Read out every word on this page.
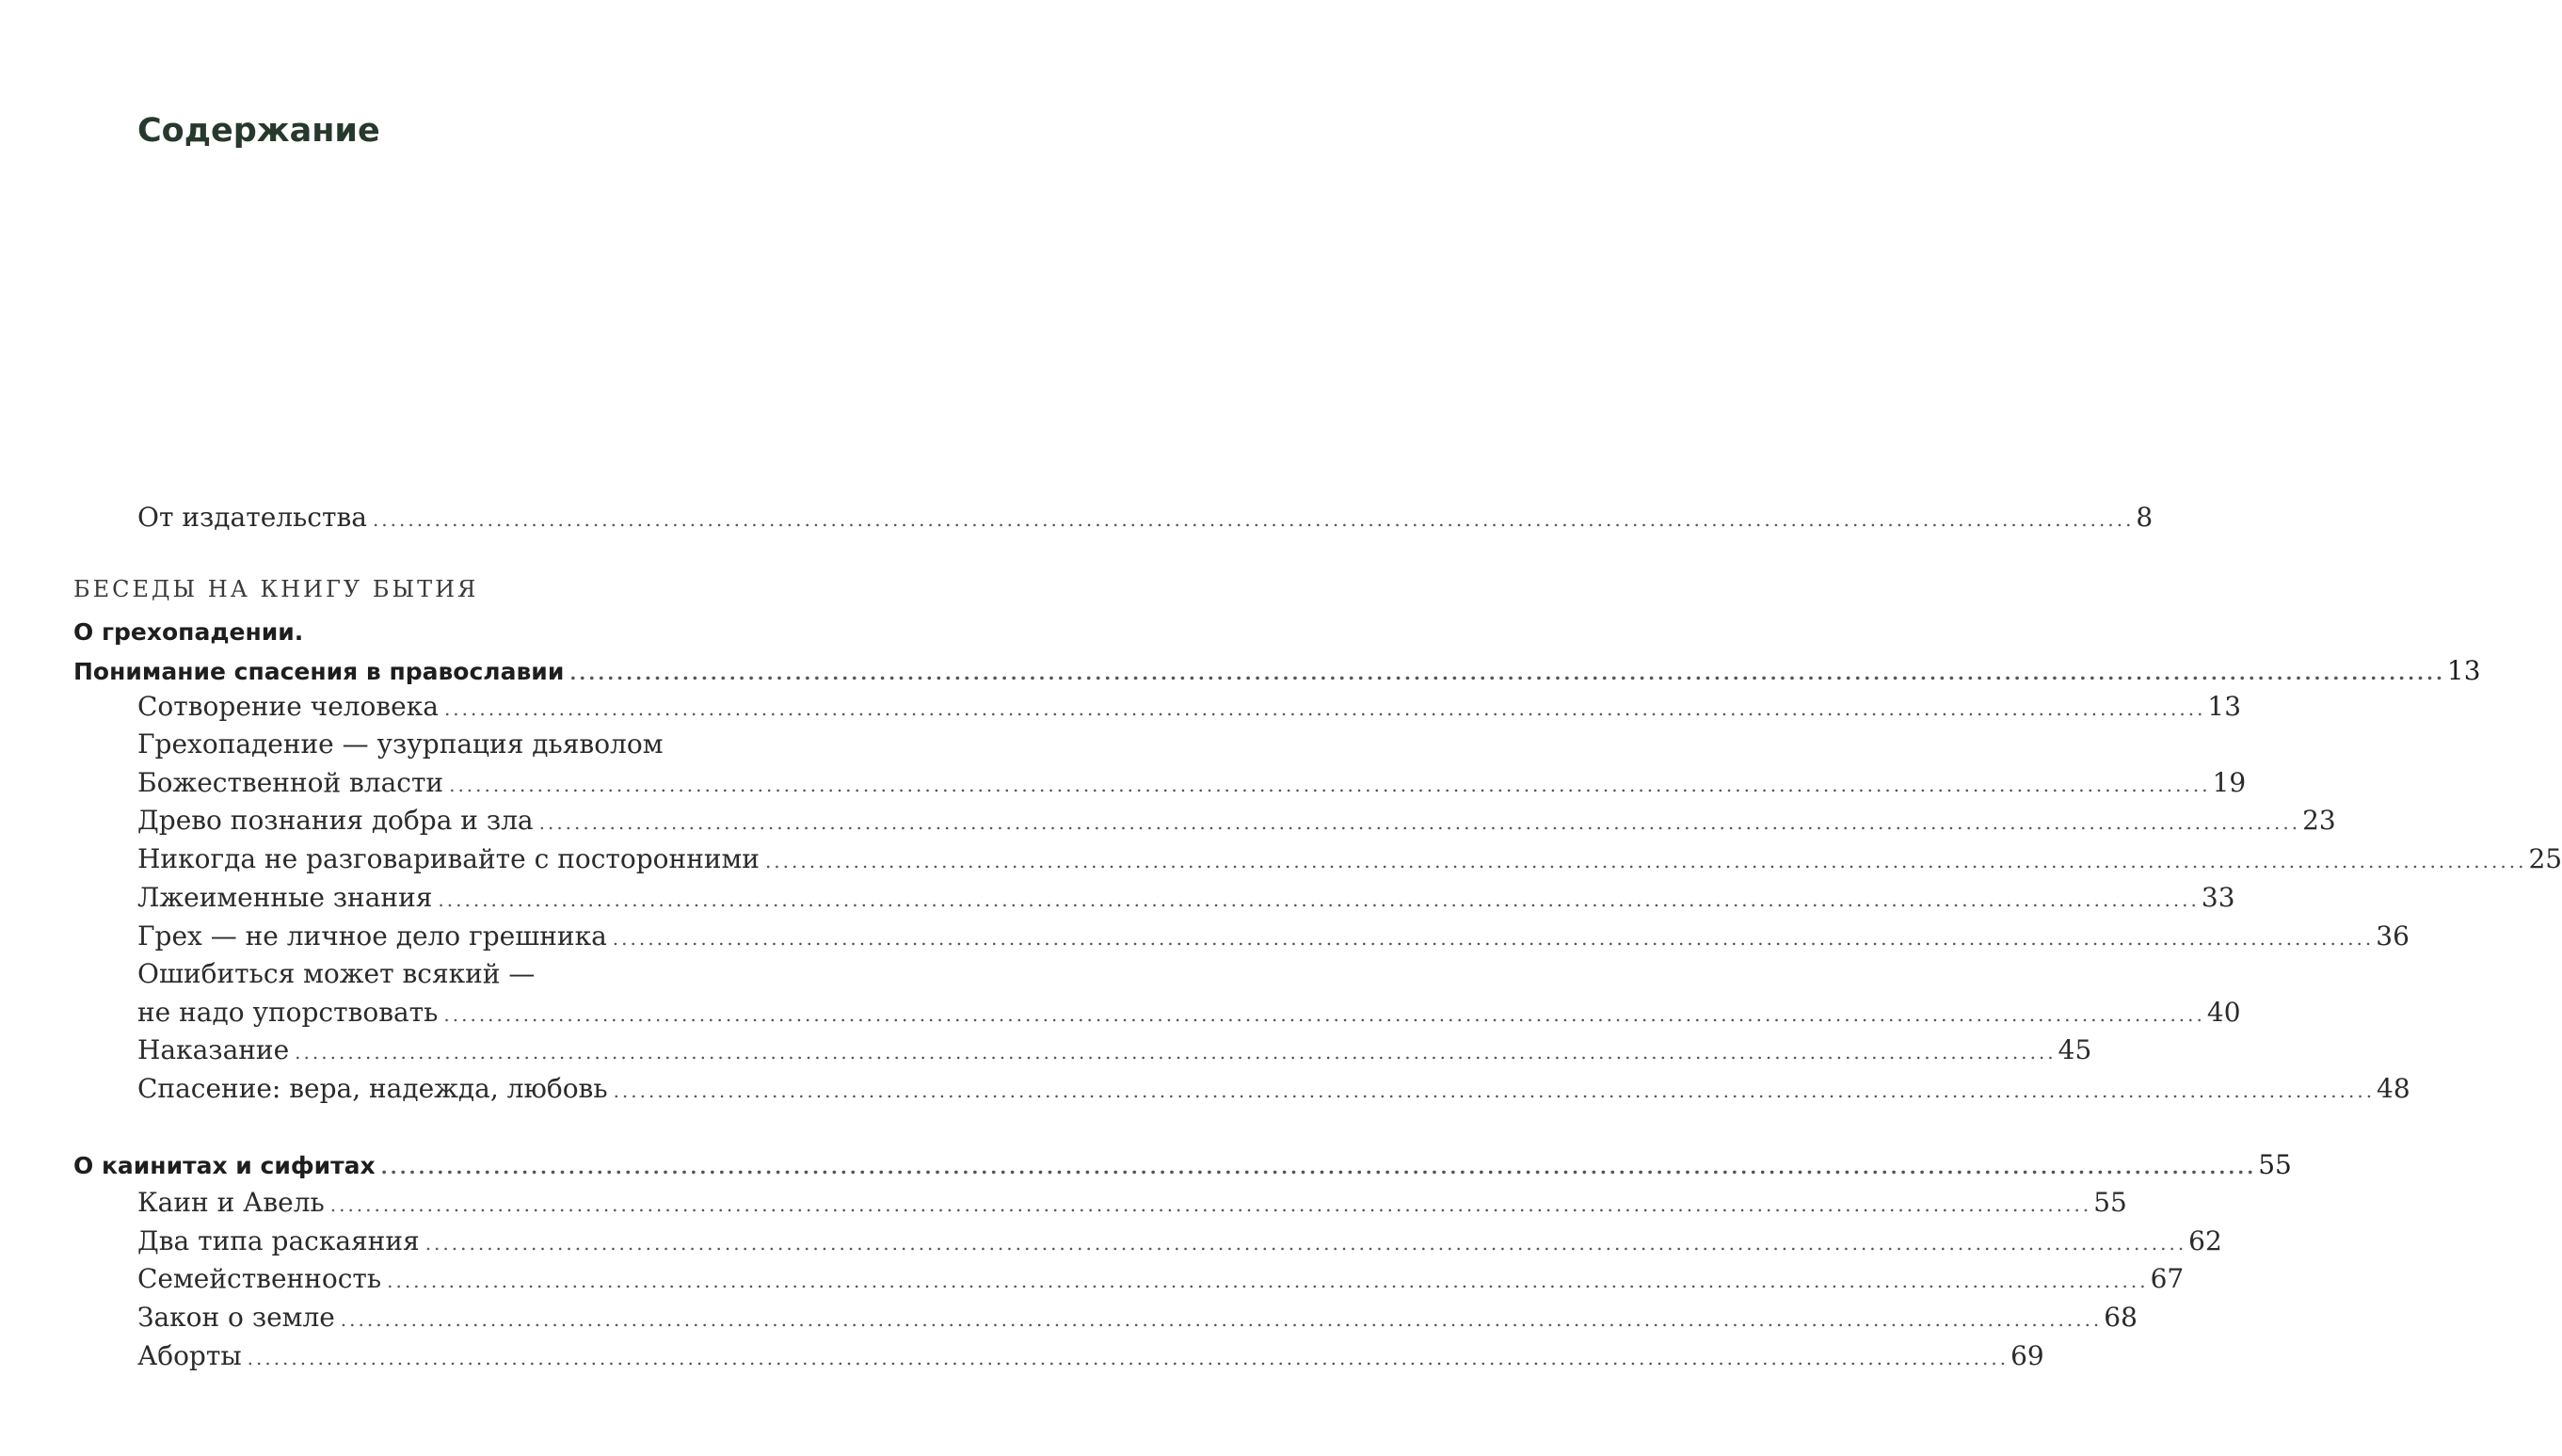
Содержание
От издательства ........................................................................................................................................................................................................ 8
БЕСЕДЫ НА КНИГУ БЫТИЯ
О грехопадении.
Понимание спасения в православии ........................................................................................................................................................................................................ 13
Сотворение человека ........................................................................................................................................................................................................ 13
Грехопадение — узурпация дьяволом
Божественной власти ........................................................................................................................................................................................................ 19
Древо познания добра и зла ........................................................................................................................................................................................................ 23
Никогда не разговаривайте с посторонними ........................................................................................................................................................................................................ 25
Лжеименные знания ........................................................................................................................................................................................................ 33
Грех — не личное дело грешника ........................................................................................................................................................................................................ 36
Ошибиться может всякий —
не надо упорствовать ........................................................................................................................................................................................................ 40
Наказание ........................................................................................................................................................................................................ 45
Спасение: вера, надежда, любовь ........................................................................................................................................................................................................ 48
О каинитах и сифитах ........................................................................................................................................................................................................ 55
Каин и Авель ........................................................................................................................................................................................................ 55
Два типа раскаяния ........................................................................................................................................................................................................ 62
Семейственность ........................................................................................................................................................................................................ 67
Закон о земле ........................................................................................................................................................................................................ 68
Аборты ........................................................................................................................................................................................................ 69
